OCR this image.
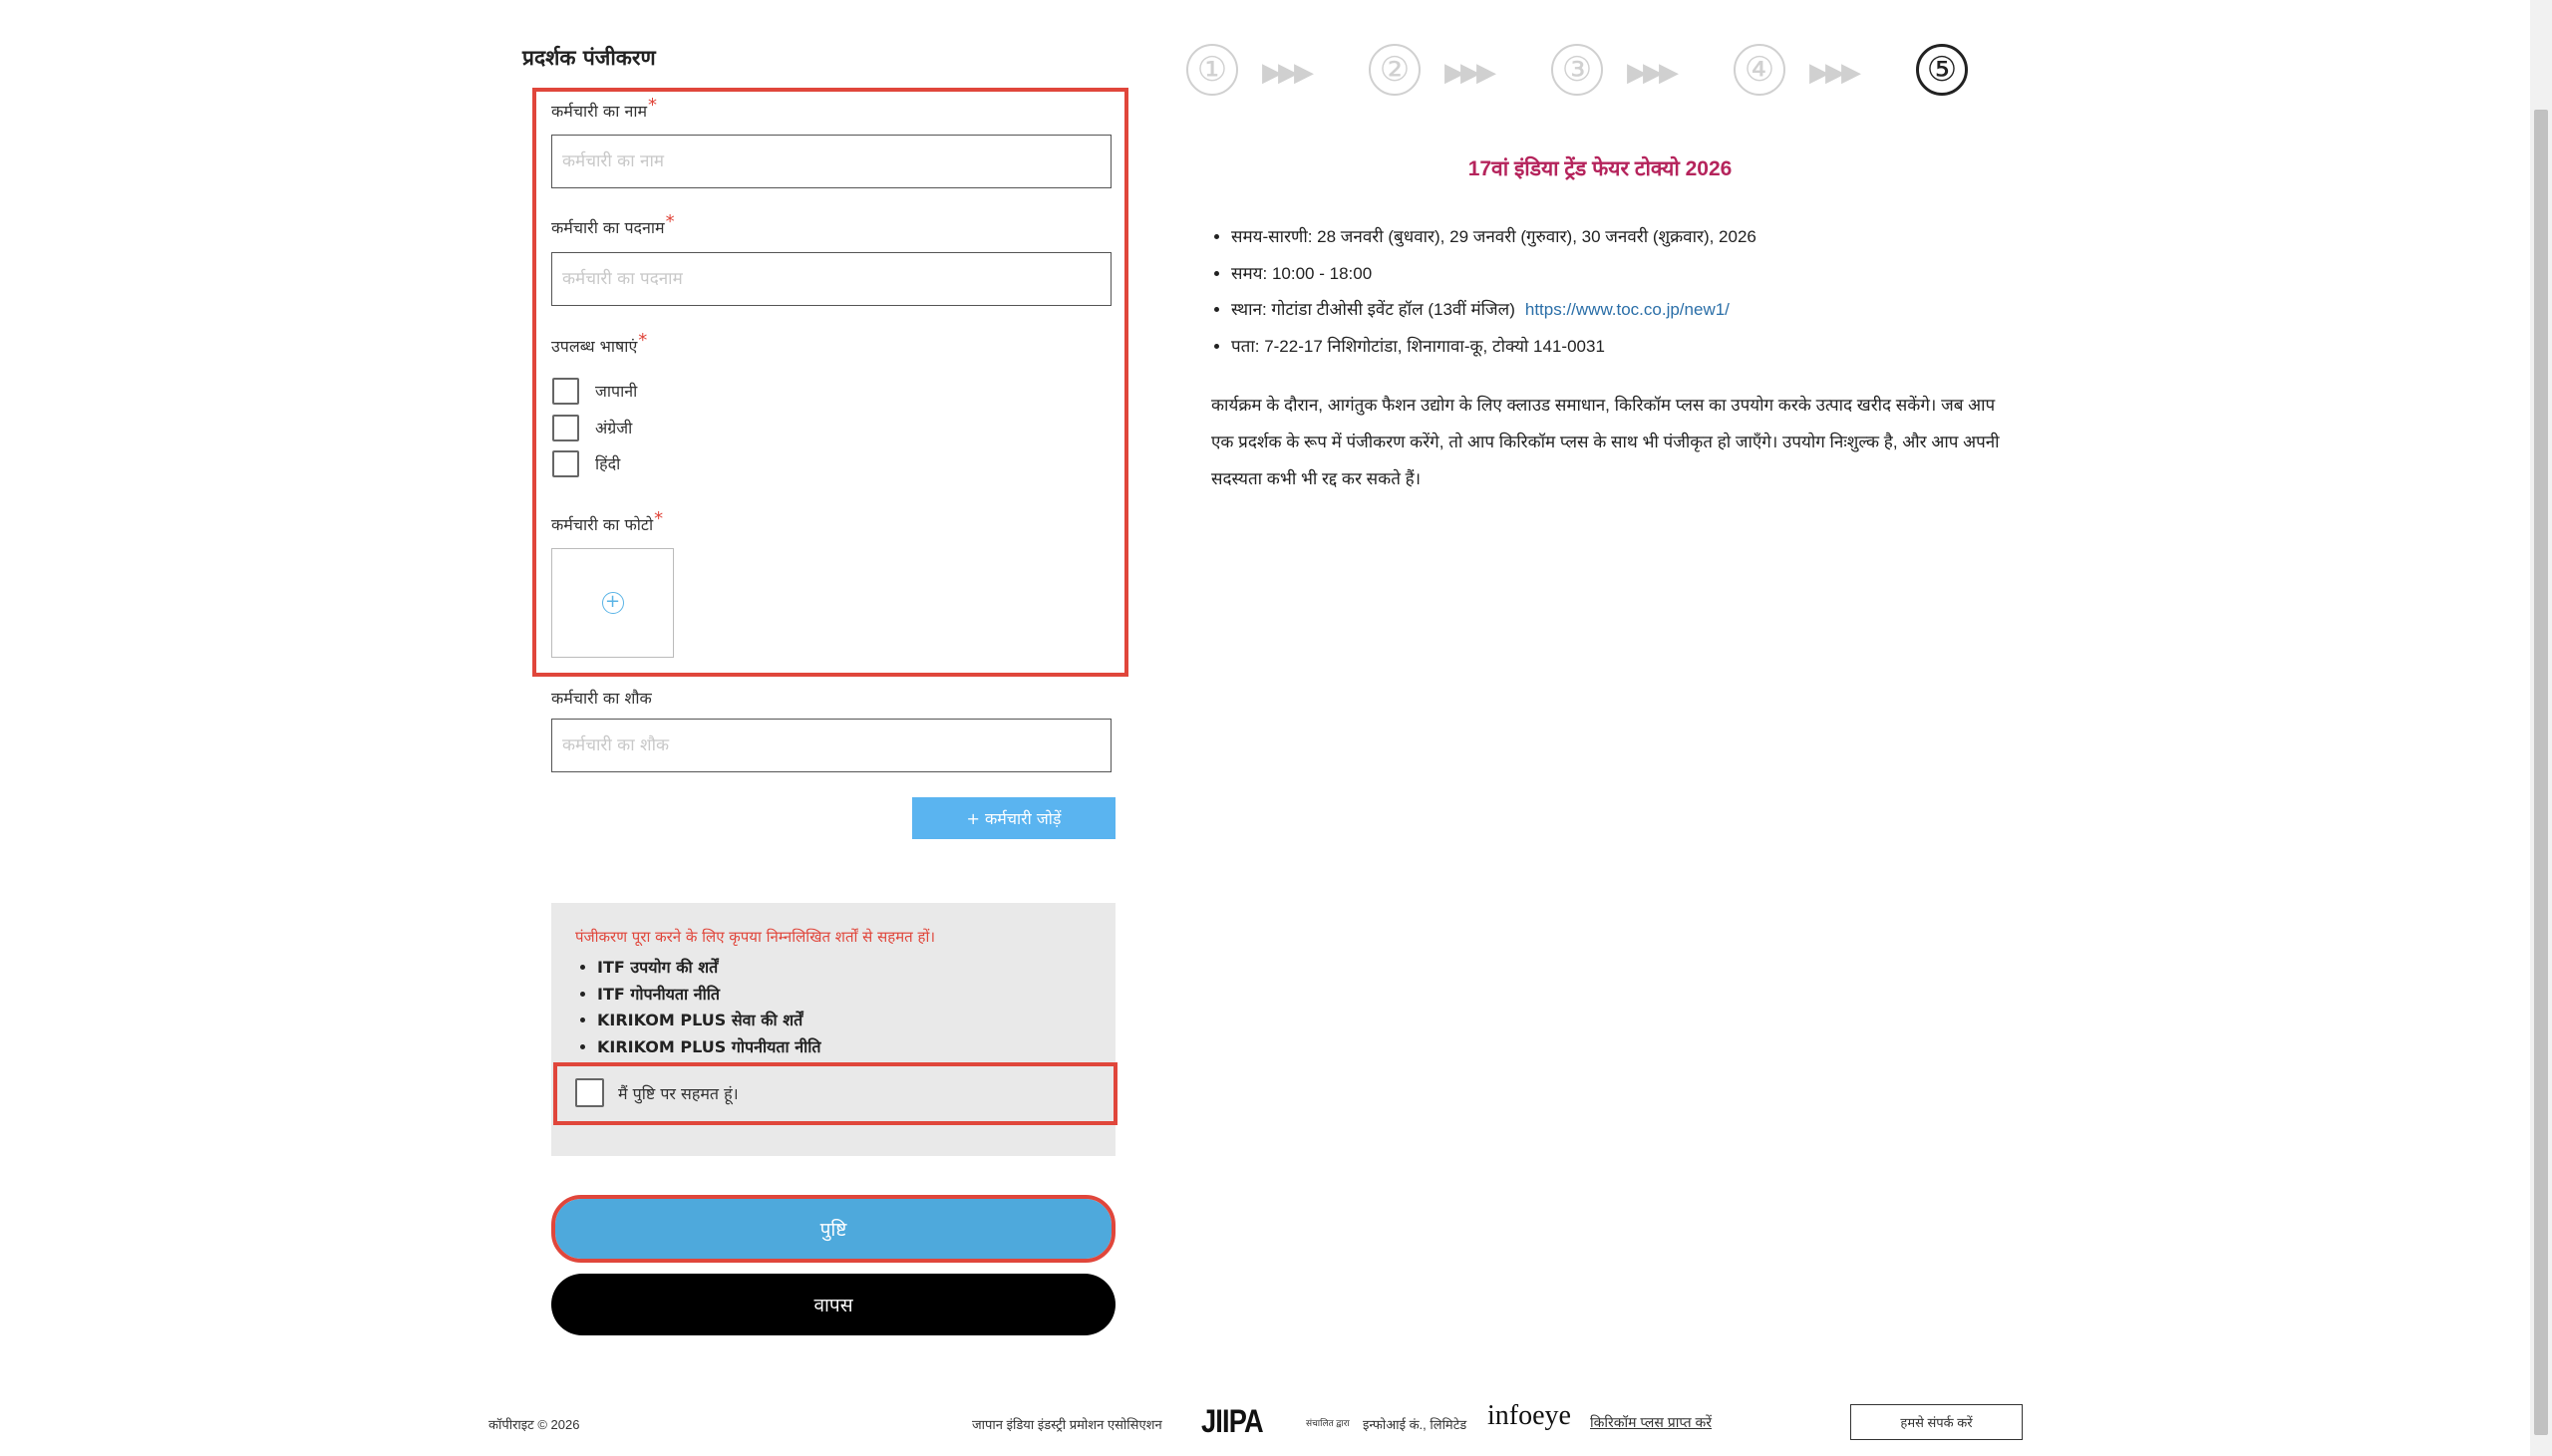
प्रदर्शक पंजीकरण
कर्मचारी का नाम*
कर्मचारी का नाम
कर्मचारी का पदनाम*
कर्मचारी का पदनाम
उपलब्ध भाषाएं*
जापानी
अंग्रेजी
हिंदी
कर्मचारी का फोटो*
+
कर्मचारी का शौक
कर्मचारी का शौक
+ कर्मचारी जोड़ें
पंजीकरण पूरा करने के लिए कृपया निम्नलिखित शर्तों से सहमत हों।
• ITF उपयोग की शर्तें
• ITF गोपनीयता नीति
• KIRIKOM PLUS सेवा की शर्तें
• KIRIKOM PLUS गोपनीयता नीति
मैं पुष्टि पर सहमत हूं।
पुष्टि
वापस
① ▶▶▶ ② ▶▶▶ ③ ▶▶▶ ④ ▶▶▶ ⑤
17वां इंडिया ट्रेंड फेयर टोक्यो 2026
• समय-सारणी: 28 जनवरी (बुधवार), 29 जनवरी (गुरुवार), 30 जनवरी (शुक्रवार), 2026
• समय: 10:00 - 18:00
• स्थान: गोटांडा टीओसी इवेंट हॉल (13वीं मंजिल) https://www.toc.co.jp/new1/
• पता: 7-22-17 निशिगोटांडा, शिनागावा-कू, टोक्यो 141-0031
कार्यक्रम के दौरान, आगंतुक फैशन उद्योग के लिए क्लाउड समाधान, किरिकॉम प्लस का उपयोग करके उत्पाद खरीद सकेंगे। जब आप एक प्रदर्शक के रूप में पंजीकरण करेंगे, तो आप किरिकॉम प्लस के साथ भी पंजीकृत हो जाएँगे। उपयोग निःशुल्क है, और आप अपनी सदस्यता कभी भी रद्द कर सकते हैं।
कॉपीराइट © 2026	जापान इंडिया इंडस्ट्री प्रमोशन एसोसिएशन JIIPA	संचालित द्वारा इन्फोआई कं., लिमिटेड infoeye किरिकॉम प्लस प्राप्त करें	हमसे संपर्क करें
